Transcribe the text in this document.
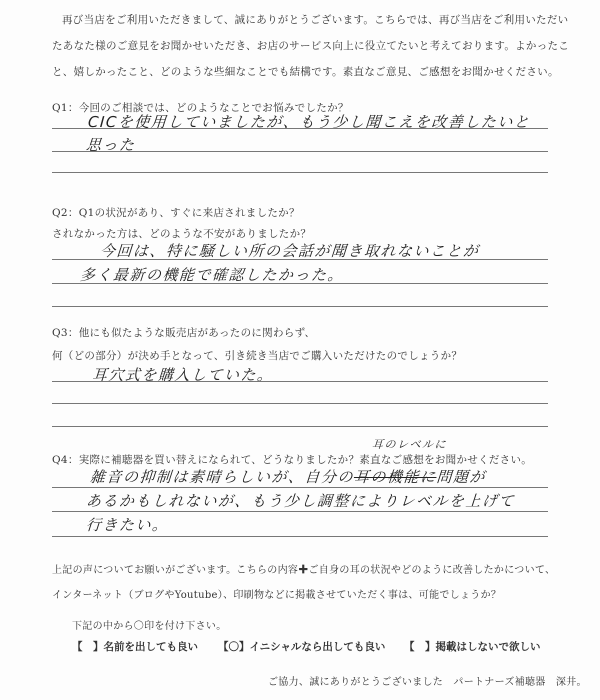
再び当店をご利用いただきまして、誠にありがとうございます。こちらでは、再び当店をご利用いただい
たあなた様のご意見をお聞かせいただき、お店のサービス向上に役立てたいと考えております。よかったこ
と、嬉しかったこと、どのような些細なことでも結構です。素直なご意見、ご感想をお聞かせください。
Q1：今回のご相談では、どのようなことでお悩みでしたか？
CICを使用していましたが、もう少し聞こえを改善したいと
思った
Q2：Q1の状況があり、すぐに来店されましたか？
されなかった方は、どのような不安がありましたか？
今回は、特に騒しい所の会話が聞き取れないことが
多く最新の機能で確認したかった。
Q3：他にも似たような販売店があったのに関わらず、
何（どの部分）が決め手となって、引き続き当店でご購入いただけたのでしょうか？
耳穴式を購入していた。
耳のレベルに
Q4：実際に補聴器を買い替えになられて、どうなりましたか？素直なご感想をお聞かせください。
雑音の抑制は素晴らしいが、自分の耳の機能に問題が
あるかもしれないが、もう少し調整によりレベルを上げて
行きたい。
上記の声についてお願いがございます。こちらの内容✚ご自身の耳の状況やどのように改善したかについて、
インターネット（ブログやYoutube）、印刷物などに掲載させていただく事は、可能でしょうか？
下記の中から〇印を付け下さい。
【　】名前を出しても良い 【〇】イニシャルなら出しても良い 【　】掲載はしないで欲しい
ご協力、誠にありがとうございました　パートナーズ補聴器　深井。
